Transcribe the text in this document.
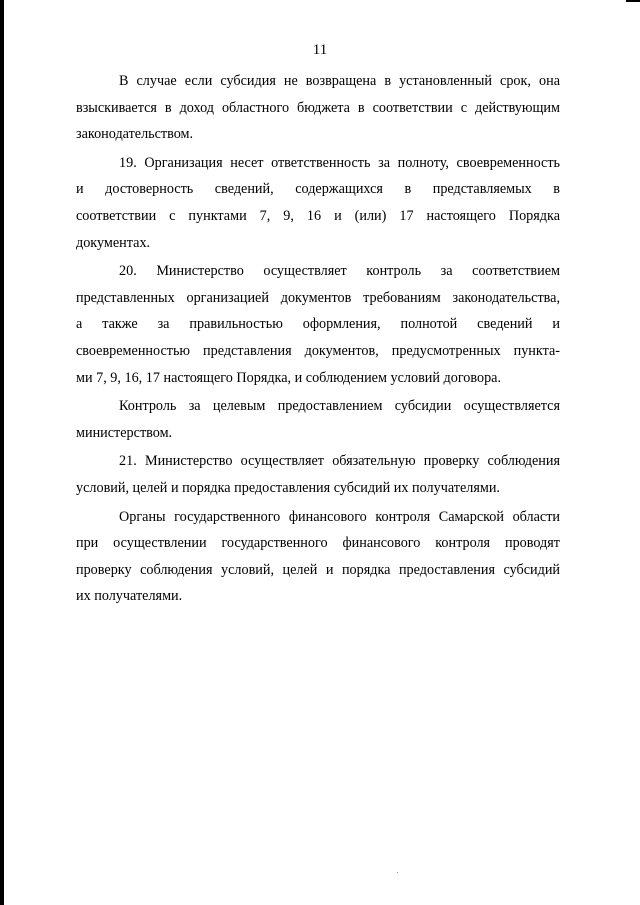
11

В случае если субсидия не возвращена в установленный срок, она
взыскивается в доход областного бюджета в соответствии с действующим
законодательством.

19. Организация несет ответственность за полноту, своевременность
и достоверность сведений, содержащихся в представляемых в
соответствии с пунктами 7, 9, 16 и (или) 17 настоящего Порядка
документах.

20. Министерство осуществляет контроль за соответствием
представленных организацией документов требованиям законодательства,
а также за правильностью оформления, полнотой сведений и
своевременностью представления документов, предусмотренных пункта-
ми 7, 9, 16, 17 настоящего Порядка, и соблюдением условий договора.

Контроль за целевым предоставлением субсидии осуществляется
министерством.

21. Министерство осуществляет обязательную проверку соблюдения
условий, целей и порядка предоставления субсидий их получателями.

Органы государственного финансового контроля Самарской области
при осуществлении государственного финансового контроля проводят
проверку соблюдения условий, целей и порядка предоставления субсидий
их получателями.
